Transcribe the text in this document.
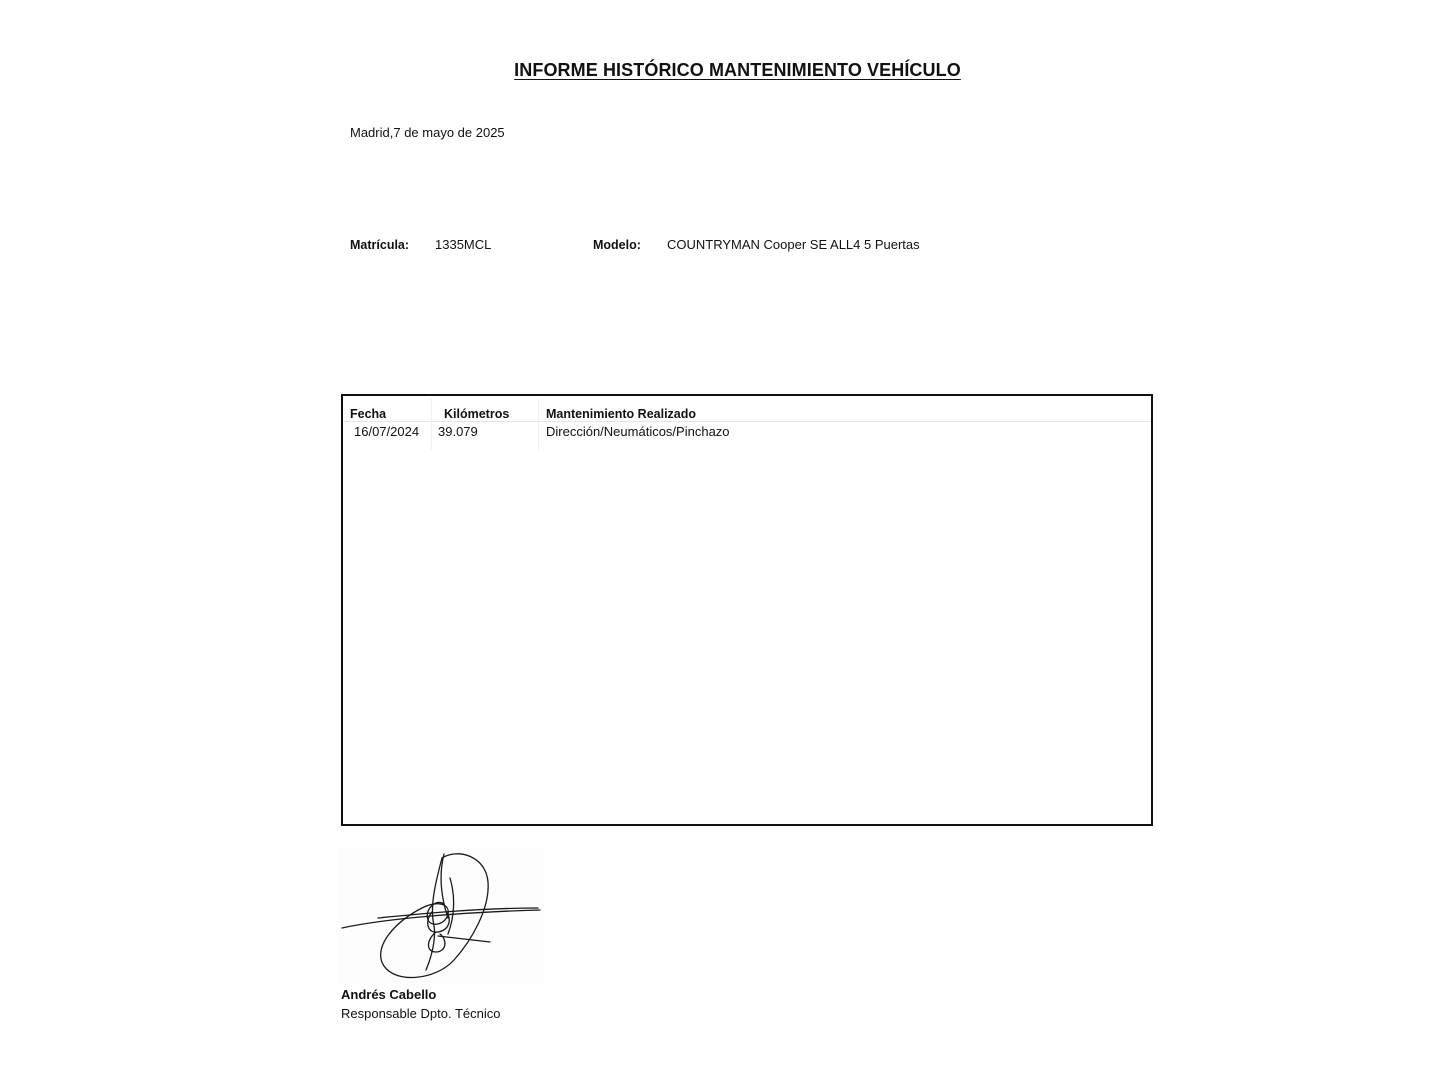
INFORME HISTÓRICO MANTENIMIENTO VEHÍCULO
Madrid,7 de mayo de 2025
Matrícula: 1335MCL	Modelo: COUNTRYMAN Cooper SE ALL4 5 Puertas
Fecha	Kilómetros	Mantenimiento Realizado
16/07/2024 39.079	Dirección/Neumáticos/Pinchazo
Andrés Cabello
Responsable Dpto. Técnico
